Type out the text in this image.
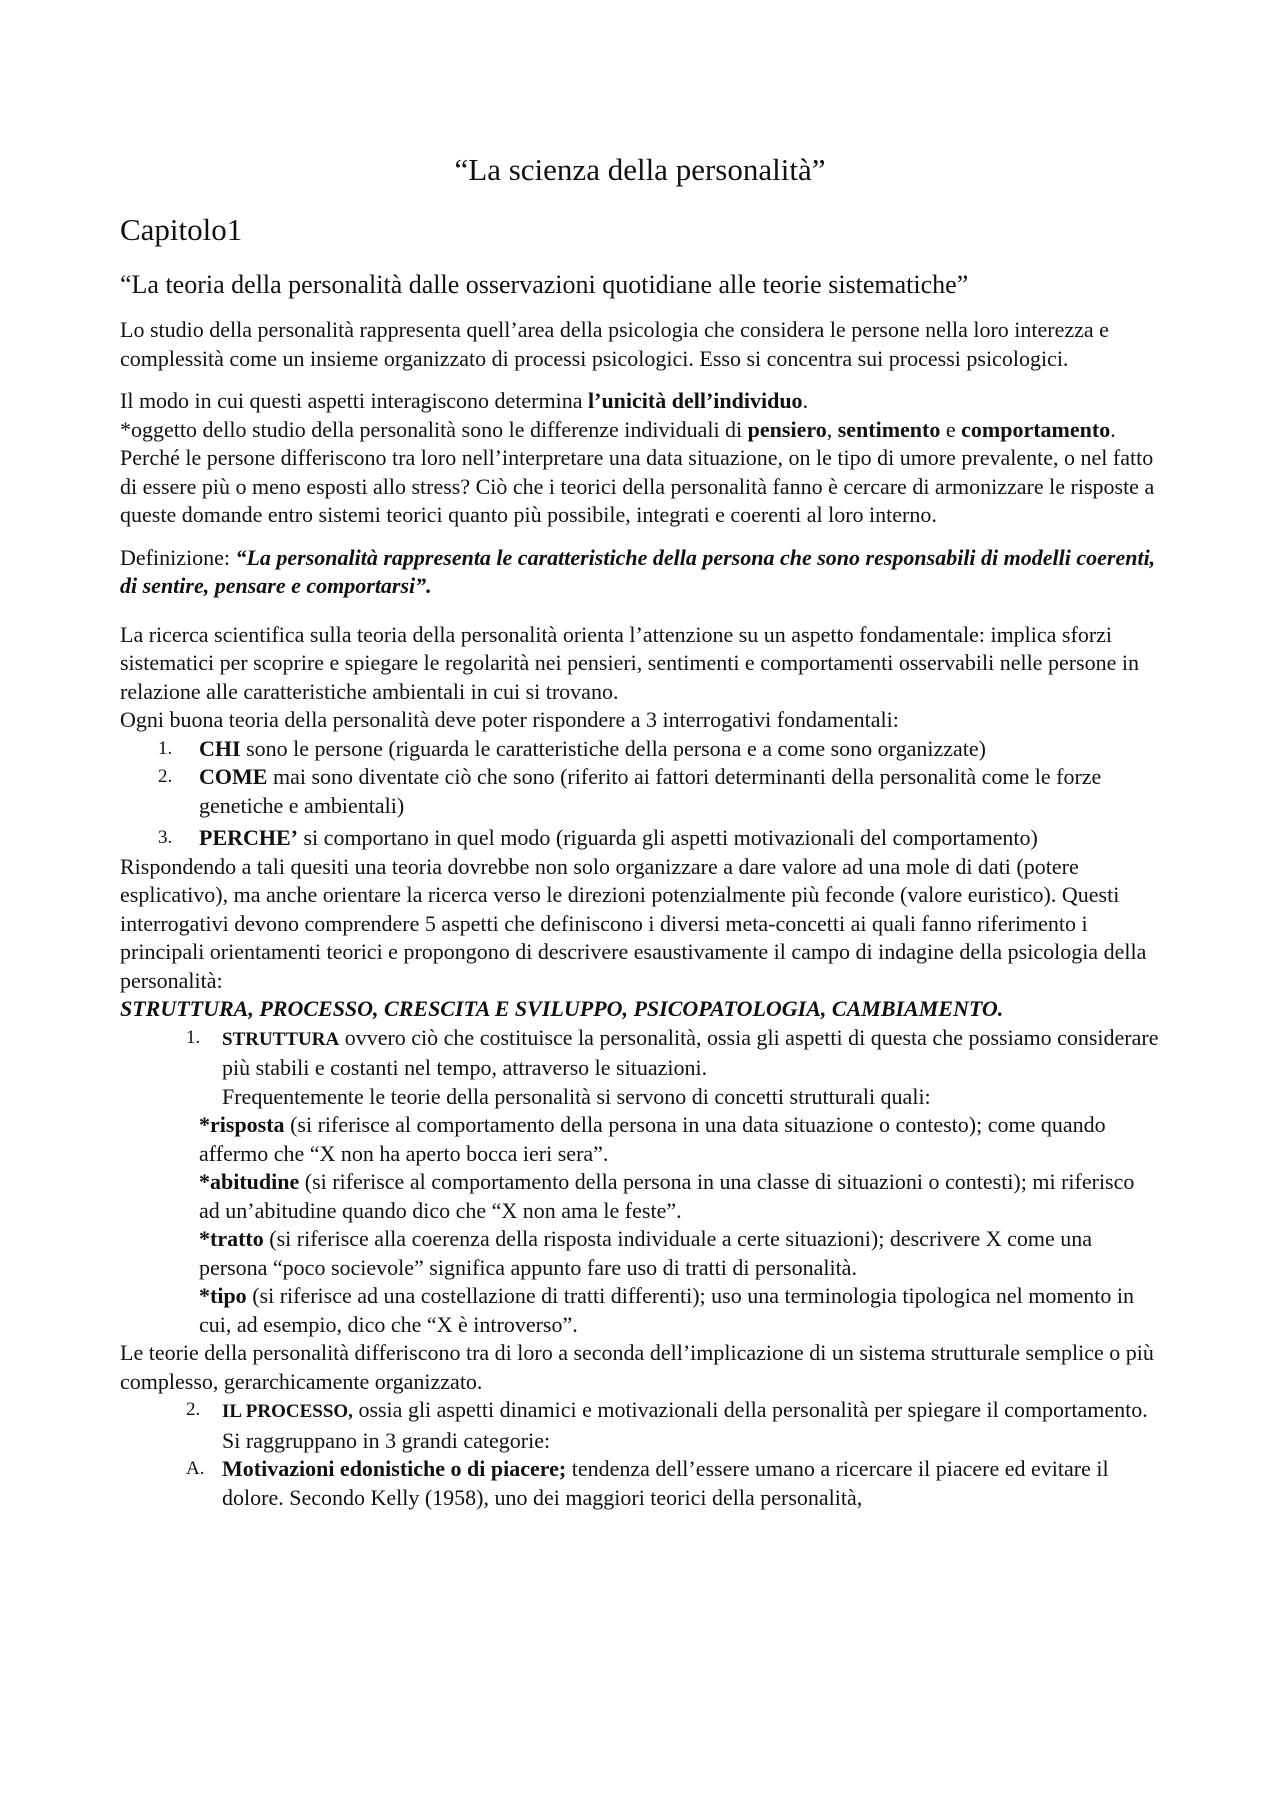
“La scienza della personalità”
Capitolo1
“La teoria della personalità dalle osservazioni quotidiane alle teorie sistematiche”

Lo studio della personalità rappresenta quell’area della psicologia che considera le persone nella loro interezza e complessità come un insieme organizzato di processi psicologici. Esso si concentra sui processi psicologici.

Il modo in cui questi aspetti interagiscono determina l’unicità dell’individuo.

*oggetto dello studio della personalità sono le differenze individuali di pensiero, sentimento e comportamento. Perché le persone differiscono tra loro nell’interpretare una data situazione, on le tipo di umore prevalente, o nel fatto di essere più o meno esposti allo stress? Ciò che i teorici della personalità fanno è cercare di armonizzare le risposte a queste domande entro sistemi teorici quanto più possibile, integrati e coerenti al loro interno.

Definizione: “La personalità rappresenta le caratteristiche della persona che sono responsabili di modelli coerenti, di sentire, pensare e comportarsi”.

La ricerca scientifica sulla teoria della personalità orienta l’attenzione su un aspetto fondamentale: implica sforzi sistematici per scoprire e spiegare le regolarità nei pensieri, sentimenti e comportamenti osservabili nelle persone in relazione alle caratteristiche ambientali in cui si trovano.

Ogni buona teoria della personalità deve poter rispondere a 3 interrogativi fondamentali:

1. CHI sono le persone (riguarda le caratteristiche della persona e a come sono organizzate)
2. COME mai sono diventate ciò che sono (riferito ai fattori determinanti della personalità come le forze genetiche e ambientali)
3. PERCHE’ si comportano in quel modo (riguarda gli aspetti motivazionali del comportamento)

Rispondendo a tali quesiti una teoria dovrebbe non solo organizzare a dare valore ad una mole di dati (potere esplicativo), ma anche orientare la ricerca verso le direzioni potenzialmente più feconde (valore euristico). Questi interrogativi devono comprendere 5 aspetti che definiscono i diversi meta-concetti ai quali fanno riferimento i principali orientamenti teorici e propongono di descrivere esaustivamente il campo di indagine della psicologia della personalità:

STRUTTURA, PROCESSO, CRESCITA E SVILUPPO, PSICOPATOLOGIA, CAMBIAMENTO.

1. STRUTTURA ovvero ciò che costituisce la personalità, ossia gli aspetti di questa che possiamo considerare più stabili e costanti nel tempo, attraverso le situazioni.

Frequentemente le teorie della personalità si servono di concetti strutturali quali:

*risposta (si riferisce al comportamento della persona in una data situazione o contesto); come quando affermo che “X non ha aperto bocca ieri sera”.

*abitudine (si riferisce al comportamento della persona in una classe di situazioni o contesti); mi riferisco ad un’abitudine quando dico che “X non ama le feste”.

*tratto (si riferisce alla coerenza della risposta individuale a certe situazioni); descrivere X come una persona “poco socievole” significa appunto fare uso di tratti di personalità.

*tipo (si riferisce ad una costellazione di tratti differenti); uso una terminologia tipologica nel momento in cui, ad esempio, dico che “X è introverso”.

Le teorie della personalità differiscono tra di loro a seconda dell’implicazione di un sistema strutturale semplice o più complesso, gerarchicamente organizzato.

2. IL PROCESSO, ossia gli aspetti dinamici e motivazionali della personalità per spiegare il comportamento. Si raggruppano in 3 grandi categorie:
A. Motivazioni edonistiche o di piacere; tendenza dell’essere umano a ricercare il piacere ed evitare il dolore. Secondo Kelly (1958), uno dei maggiori teorici della personalità,
